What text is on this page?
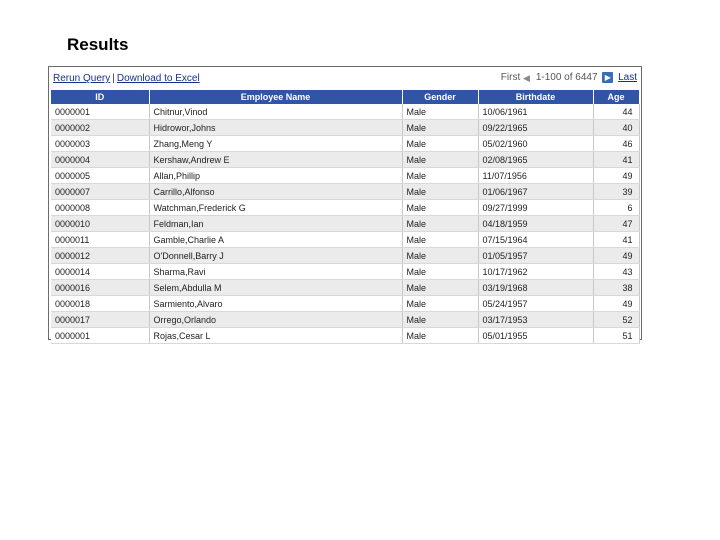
Results
Rerun Query | Download to Excel	First ◀ 1-100 of 6447 ▶ Last
ID	Employee Name	Gender	Birthdate	Age
0000001	Chitnur,Vinod	Male	10/06/1961	44
0000002	Hidrowor,Johns	Male	09/22/1965	40
0000003	Zhang,Meng Y	Male	05/02/1960	46
0000004	Kershaw,Andrew E	Male	02/08/1965	41
0000005	Allan,Phillip	Male	11/07/1956	49
0000007	Carrillo,Alfonso	Male	01/06/1967	39
0000008	Watchman,Frederick G	Male	09/27/1999	6
0000010	Feldman,Ian	Male	04/18/1959	47
0000011	Gamble,Charlie A	Male	07/15/1964	41
0000012	O'Donnell,Barry J	Male	01/05/1957	49
0000014	Sharma,Ravi	Male	10/17/1962	43
0000016	Selem,Abdulla M	Male	03/19/1968	38
0000018	Sarmiento,Alvaro	Male	05/24/1957	49
0000017	Orrego,Orlando	Male	03/17/1953	52
0000001	Rojas,Cesar L	Male	05/01/1955	51
